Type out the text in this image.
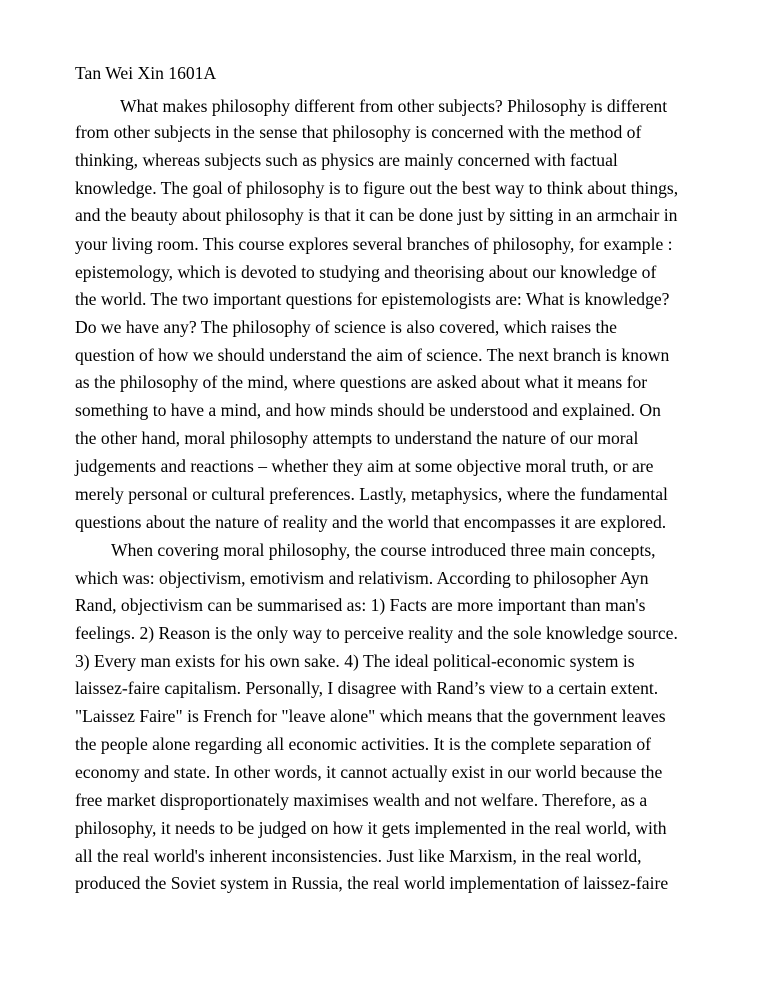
Tan Wei Xin 1601A

What makes philosophy different from other subjects? Philosophy is different

from other subjects in the sense that philosophy is concerned with the method of

thinking, whereas subjects such as physics are mainly concerned with factual

knowledge. The goal of philosophy is to figure out the best way to think about things,

and the beauty about philosophy is that it can be done just by sitting in an armchair in

your living room. This course explores several branches of philosophy, for example :

epistemology, which is devoted to studying and theorising about our knowledge of

the world. The two important questions for epistemologists are: What is knowledge?

Do we have any? The philosophy of science is also covered, which raises the

question of how we should understand the aim of science. The next branch is known

as the philosophy of the mind, where questions are asked about what it means for

something to have a mind, and how minds should be understood and explained. On

the other hand, moral philosophy attempts to understand the nature of our moral

judgements and reactions – whether they aim at some objective moral truth, or are

merely personal or cultural preferences. Lastly, metaphysics, where the fundamental

questions about the nature of reality and the world that encompasses it are explored.

When covering moral philosophy, the course introduced three main concepts,

which was: objectivism, emotivism and relativism. According to philosopher Ayn

Rand, objectivism can be summarised as: 1) Facts are more important than man's

feelings. 2) Reason is the only way to perceive reality and the sole knowledge source.

3) Every man exists for his own sake. 4) The ideal political-economic system is

laissez-faire capitalism. Personally, I disagree with Rand’s view to a certain extent.

"Laissez Faire" is French for "leave alone" which means that the government leaves

the people alone regarding all economic activities. It is the complete separation of

economy and state. In other words, it cannot actually exist in our world because the

free market disproportionately maximises wealth and not welfare. Therefore, as a

philosophy, it needs to be judged on how it gets implemented in the real world, with

all the real world's inherent inconsistencies. Just like Marxism, in the real world,

produced the Soviet system in Russia, the real world implementation of laissez-faire
